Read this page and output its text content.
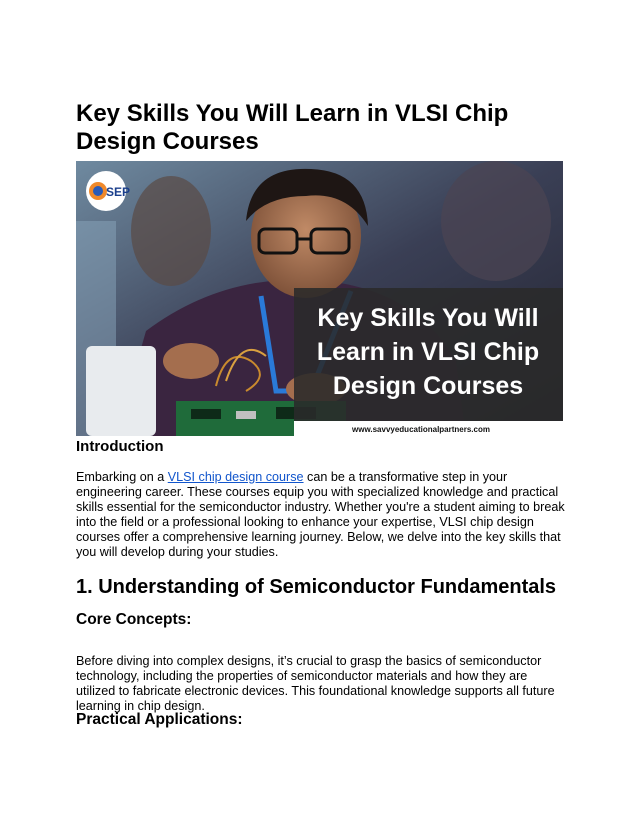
Key Skills You Will Learn in VLSI Chip Design Courses
SEP
Key Skills You Will
Learn in VLSI Chip
Design Courses
www.savvyeducationalpartners.com
Introduction

Embarking on a VLSI chip design course can be a transformative step in your engineering career. These courses equip you with specialized knowledge and practical skills essential for the semiconductor industry. Whether you're a student aiming to break into the field or a professional looking to enhance your expertise, VLSI chip design courses offer a comprehensive learning journey. Below, we delve into the key skills that you will develop during your studies.

1. Understanding of Semiconductor Fundamentals
Core Concepts:

Before diving into complex designs, it’s crucial to grasp the basics of semiconductor technology, including the properties of semiconductor materials and how they are utilized to fabricate electronic devices. This foundational knowledge supports all future learning in chip design.

Practical Applications:
